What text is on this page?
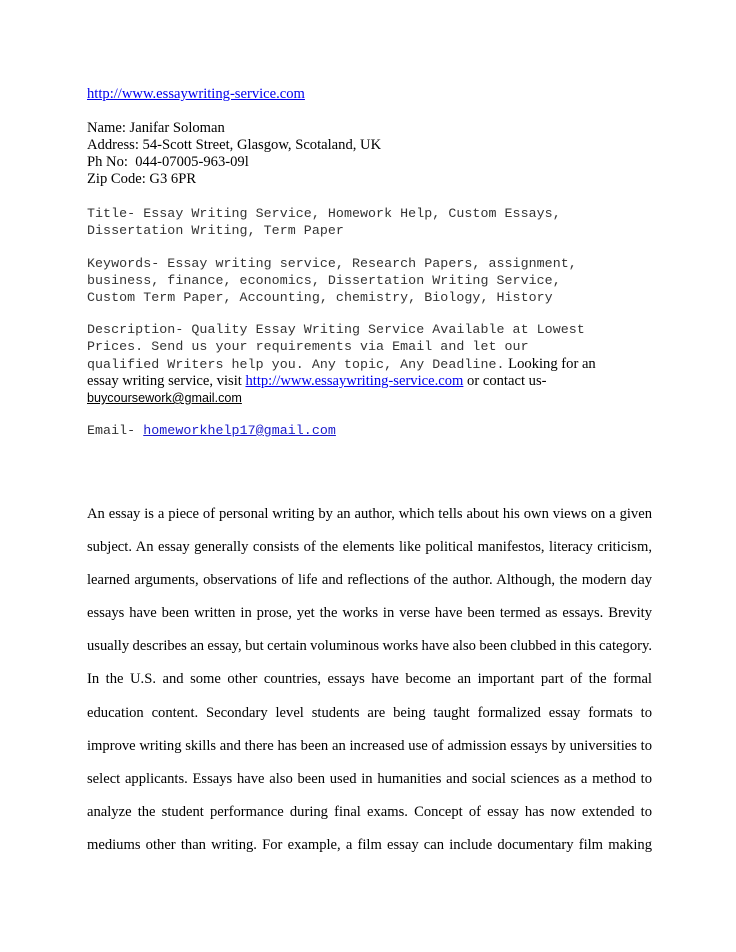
http://www.essaywriting-service.com
Name: Janifar Soloman
Address: 54-Scott Street, Glasgow, Scotaland, UK
Ph No:  044-07005-963-09l
Zip Code: G3 6PR
Title- Essay Writing Service, Homework Help, Custom Essays,
Dissertation Writing, Term Paper
Keywords- Essay writing service, Research Papers, assignment,
business, finance, economics, Dissertation Writing Service,
Custom Term Paper, Accounting, chemistry, Biology, History
Description- Quality Essay Writing Service Available at Lowest
Prices. Send us your requirements via Email and let our
qualified Writers help you. Any topic, Any Deadline. Looking for an
essay writing service, visit http://www.essaywriting-service.com or contact us-
buycoursework@gmail.com
Email- homeworkhelp17@gmail.com
An essay is a piece of personal writing by an author, which tells about his own views on a given
subject. An essay generally consists of the elements like political manifestos, literacy criticism,
learned arguments, observations of life and reflections of the author. Although, the modern day
essays have been written in prose, yet the works in verse have been termed as essays. Brevity
usually describes an essay, but certain voluminous works have also been clubbed in this category.
In the U.S. and some other countries, essays have become an important part of the formal
education content. Secondary level students are being taught formalized essay formats to
improve writing skills and there has been an increased use of admission essays by universities to
select applicants. Essays have also been used in humanities and social sciences as a method to
analyze the student performance during final exams. Concept of essay has now extended to
mediums other than writing. For example, a film essay can include documentary film making
